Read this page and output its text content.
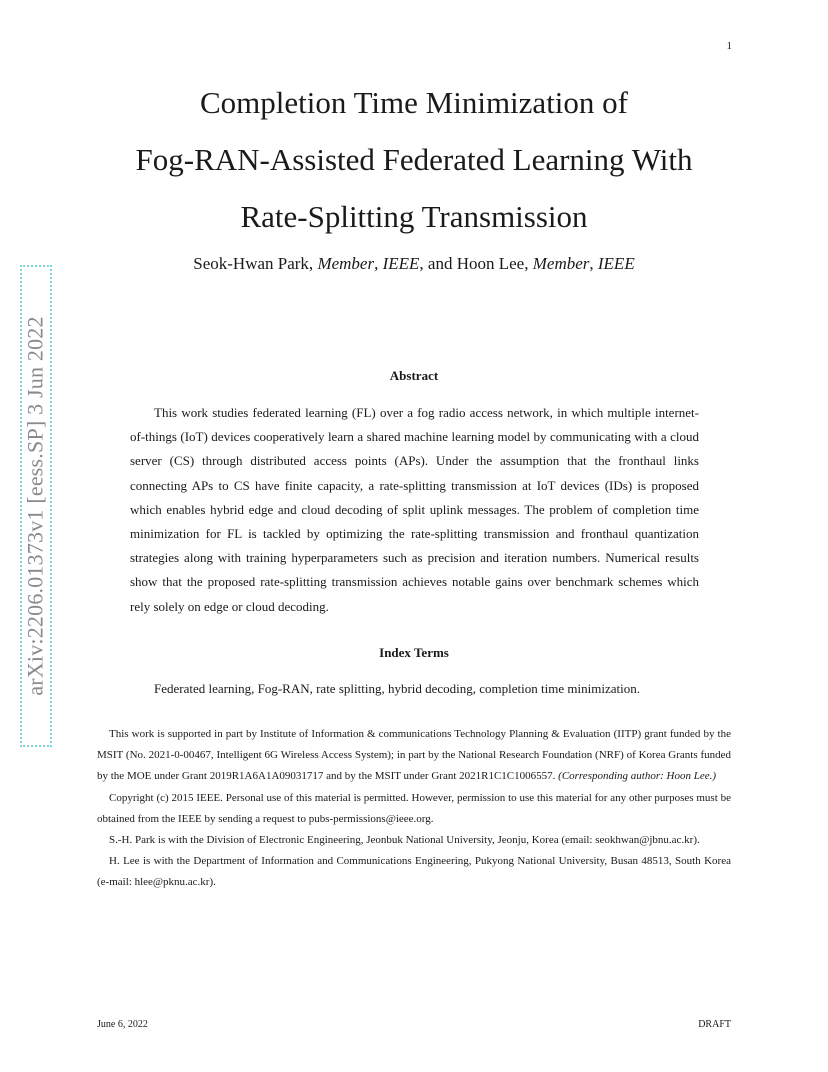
1
arXiv:2206.01373v1 [eess.SP] 3 Jun 2022
Completion Time Minimization of
Fog-RAN-Assisted Federated Learning With
Rate-Splitting Transmission
Seok-Hwan Park, Member, IEEE, and Hoon Lee, Member, IEEE
Abstract

This work studies federated learning (FL) over a fog radio access network, in which multiple internet-of-things (IoT) devices cooperatively learn a shared machine learning model by communicating with a cloud server (CS) through distributed access points (APs). Under the assumption that the fronthaul links connecting APs to CS have finite capacity, a rate-splitting transmission at IoT devices (IDs) is proposed which enables hybrid edge and cloud decoding of split uplink messages. The problem of completion time minimization for FL is tackled by optimizing the rate-splitting transmission and fronthaul quantization strategies along with training hyperparameters such as precision and iteration numbers. Numerical results show that the proposed rate-splitting transmission achieves notable gains over benchmark schemes which rely solely on edge or cloud decoding.

Index Terms

Federated learning, Fog-RAN, rate splitting, hybrid decoding, completion time minimization.

This work is supported in part by Institute of Information & communications Technology Planning & Evaluation (IITP) grant funded by the MSIT (No. 2021-0-00467, Intelligent 6G Wireless Access System); in part by the National Research Foundation (NRF) of Korea Grants funded by the MOE under Grant 2019R1A6A1A09031717 and by the MSIT under Grant 2021R1C1C1006557. (Corresponding author: Hoon Lee.)

Copyright (c) 2015 IEEE. Personal use of this material is permitted. However, permission to use this material for any other purposes must be obtained from the IEEE by sending a request to pubs-permissions@ieee.org.

S.-H. Park is with the Division of Electronic Engineering, Jeonbuk National University, Jeonju, Korea (email: seokhwan@jbnu.ac.kr).

H. Lee is with the Department of Information and Communications Engineering, Pukyong National University, Busan 48513, South Korea (e-mail: hlee@pknu.ac.kr).

June 6, 2022	DRAFT
